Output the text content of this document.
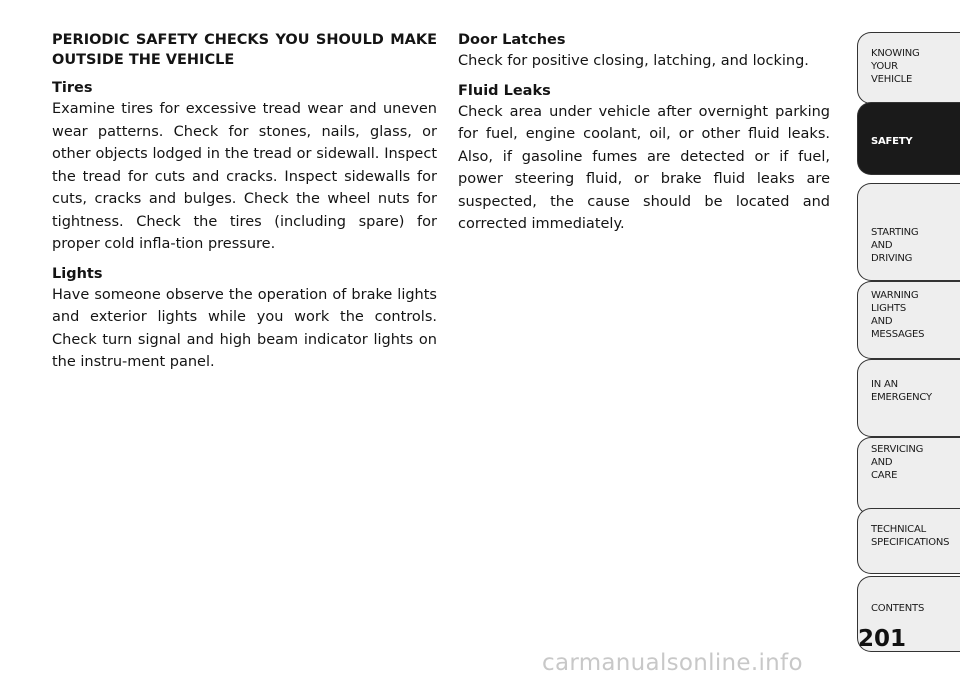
PERIODIC SAFETY CHECKS YOU SHOULD MAKE OUTSIDE THE VEHICLE

Tires

Examine tires for excessive tread wear and uneven wear patterns. Check for stones, nails, glass, or other objects lodged in the tread or sidewall. Inspect the tread for cuts and cracks. Inspect sidewalls for cuts, cracks and bulges. Check the wheel nuts for tightness. Check the tires (including spare) for proper cold infla-tion pressure.

Lights

Have someone observe the operation of brake lights and exterior lights while you work the controls. Check turn signal and high beam indicator lights on the instru-ment panel.

Door Latches

Check for positive closing, latching, and locking.

Fluid Leaks

Check area under vehicle after overnight parking for fuel, engine coolant, oil, or other fluid leaks. Also, if gasoline fumes are detected or if fuel, power steering fluid, or brake fluid leaks are suspected, the cause should be located and corrected immediately.

KNOWING
YOUR
VEHICLE
SAFETY
STARTING
AND
DRIVING
WARNING
LIGHTS
AND
MESSAGES
IN AN
EMERGENCY
SERVICING
AND
CARE
TECHNICAL
SPECIFICATIONS
CONTENTS
201
carmanualsonline.info
